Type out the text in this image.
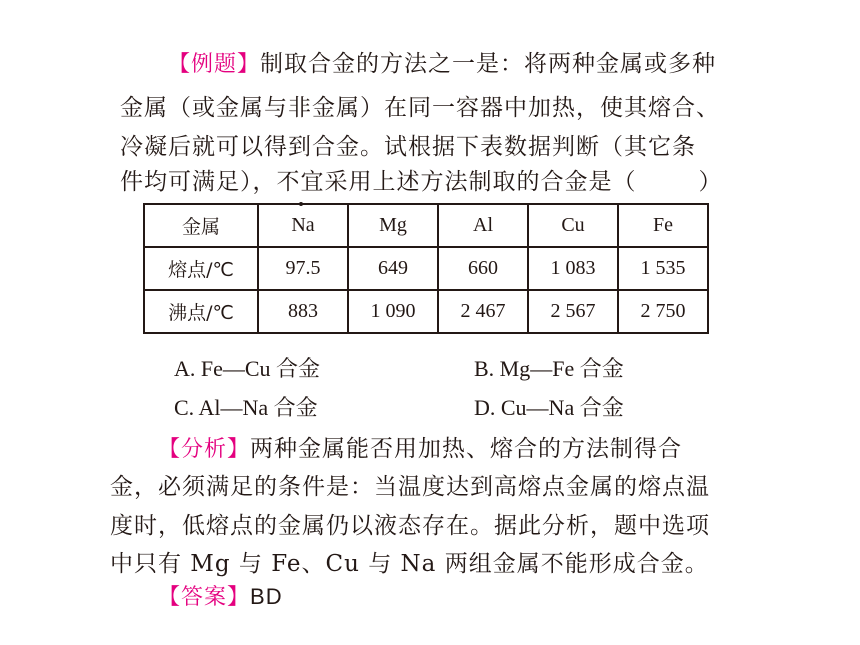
【例题】制取合金的方法之一是：将两种金属或多种
金属（或金属与非金属）在同一容器中加热，使其熔合、
冷凝后就可以得到合金。试根据下表数据判断（其它条
件均可满足），不宜采用上述方法制取的合金是（	）
金属	Na	Mg	Al	Cu	Fe
熔点/℃	97.5	649	660	1 083	1 535
沸点/℃	883	1 090	2 467	2 567	2 750
A. Fe—Cu 合金	B. Mg—Fe 合金
C. Al—Na 合金	D. Cu—Na 合金
【分析】两种金属能否用加热、熔合的方法制得合
金，必须满足的条件是：当温度达到高熔点金属的熔点温
度时，低熔点的金属仍以液态存在。据此分析，题中选项
中只有 Mg 与 Fe、Cu 与 Na 两组金属不能形成合金。
【答案】BD
